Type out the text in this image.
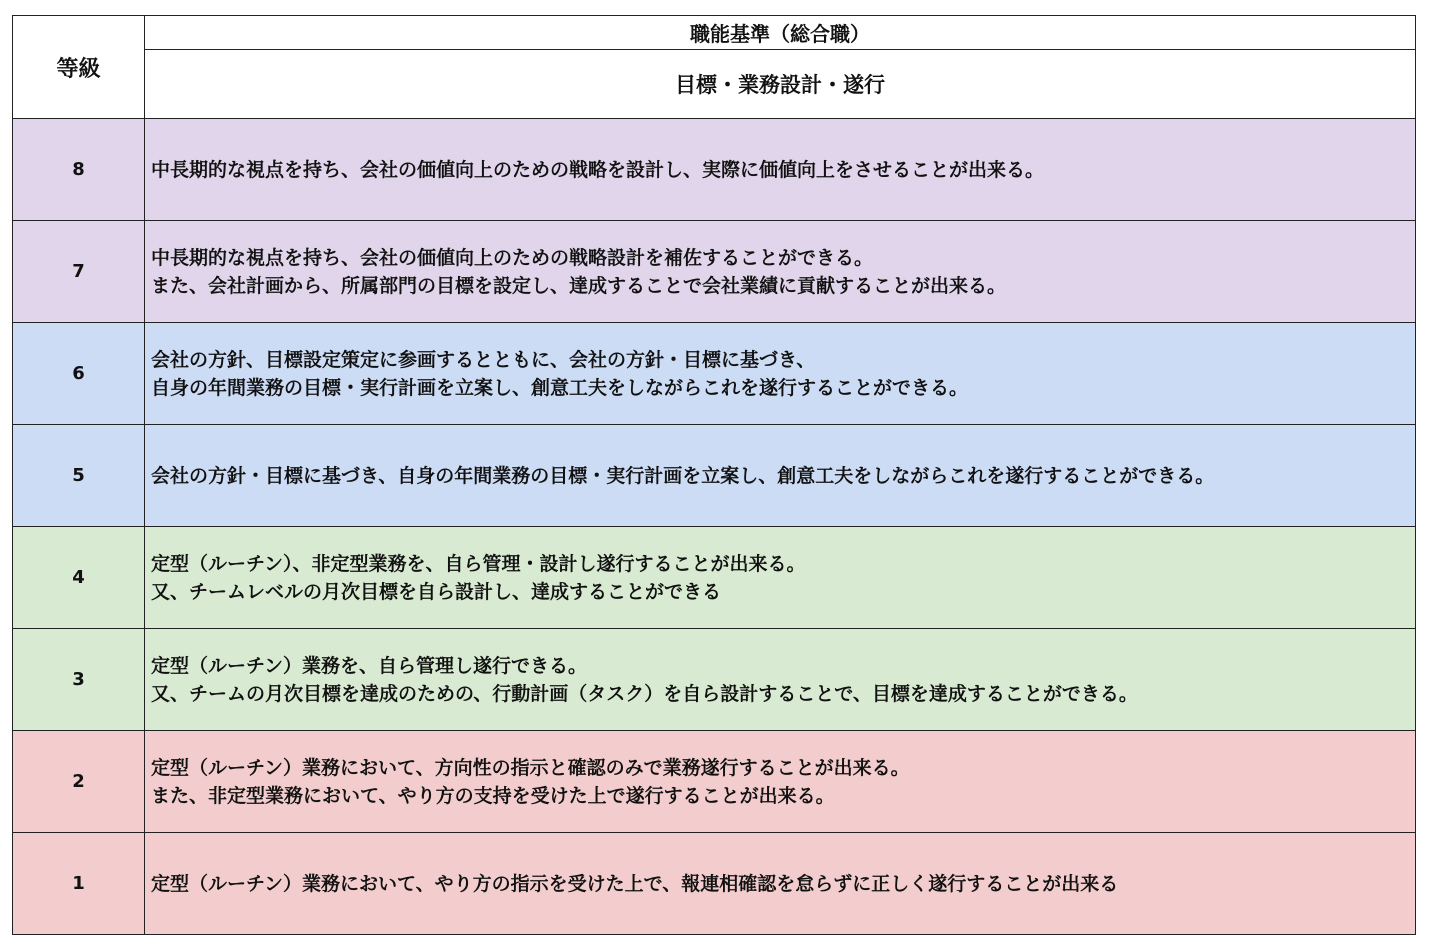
等級	職能基準（総合職）
	目標・業務設計・遂行
8	中長期的な視点を持ち、会社の価値向上のための戦略を設計し、実際に価値向上をさせることが出来る。

7	中長期的な視点を持ち、会社の価値向上のための戦略設計を補佐することができる。
また、会社計画から、所属部門の目標を設定し、達成することで会社業績に貢献することが出来る。

6	会社の方針、目標設定策定に参画するとともに、会社の方針・目標に基づき、
自身の年間業務の目標・実行計画を立案し、創意工夫をしながらこれを遂行することができる。

5	会社の方針・目標に基づき、自身の年間業務の目標・実行計画を立案し、創意工夫をしながらこれを遂行することができる。

4	定型（ルーチン）、非定型業務を、自ら管理・設計し遂行することが出来る。
又、チームレベルの月次目標を自ら設計し、達成することができる

3	定型（ルーチン）業務を、自ら管理し遂行できる。
又、チームの月次目標を達成のための、行動計画（タスク）を自ら設計することで、目標を達成することができる。

2	定型（ルーチン）業務において、方向性の指示と確認のみで業務遂行することが出来る。
また、非定型業務において、やり方の支持を受けた上で遂行することが出来る。

1	定型（ルーチン）業務において、やり方の指示を受けた上で、報連相確認を怠らずに正しく遂行することが出来る
